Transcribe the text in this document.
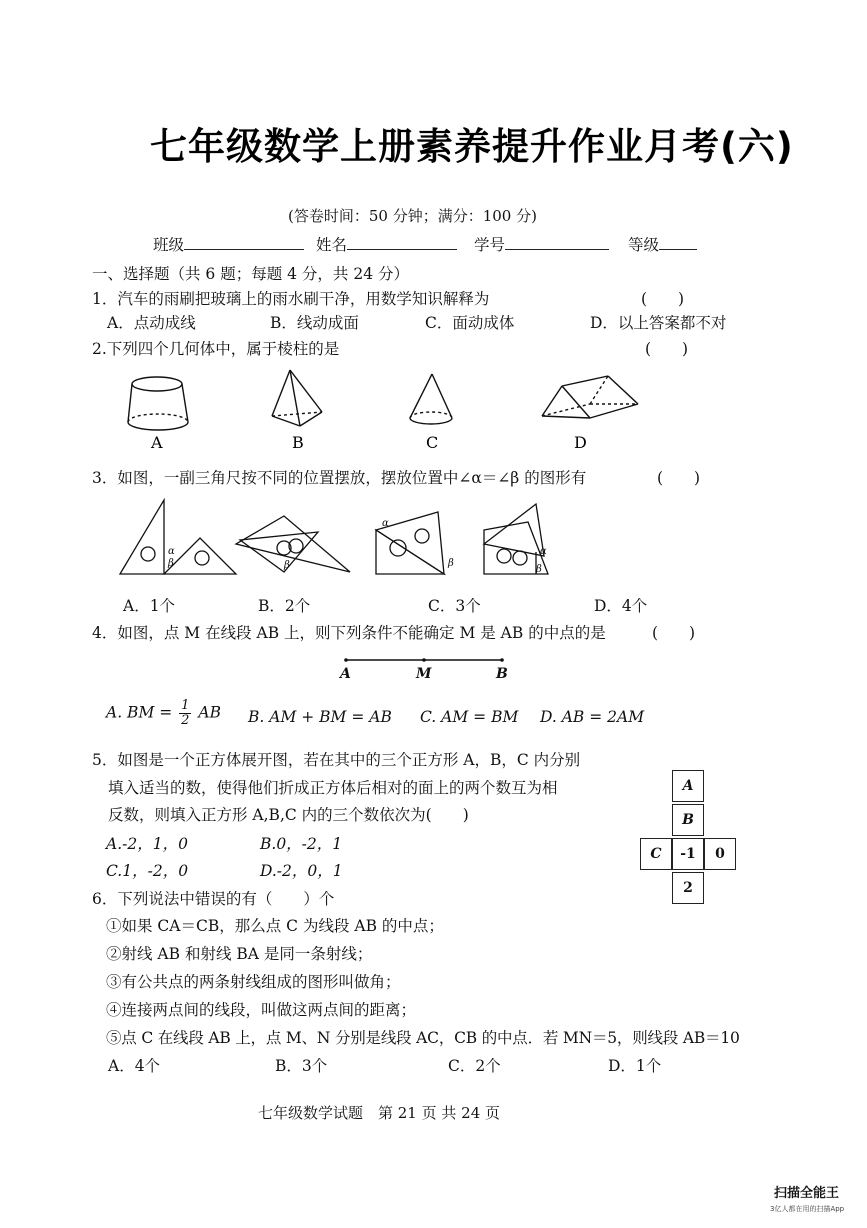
七年级数学上册素养提升作业月考(六)
(答卷时间：50 分钟；满分：100 分)
班级	姓名	学号	等级
一、选择题（共 6 题；每题 4 分，共 24 分）
1．汽车的雨刷把玻璃上的雨水刷干净，用数学知识解释为	(　　)
A．点动成线	B．线动成面	C．面动成体	D．以上答案都不对
2.下列四个几何体中，属于棱柱的是	(　　)
A	B	C	D
3．如图，一副三角尺按不同的位置摆放，摆放位置中∠α＝∠β 的图形有	(　　)
α
β	β
α
β
α
β
A．1个	B．2个	C．3个	D．4个
4．如图，点 M 在线段 AB 上，则下列条件不能确定 M 是 AB 的中点的是	(　　)
A	M	B
A. BM = $\frac{1}{2}$ AB B. AM + BM = AB C. AM = BM D. AB = 2AM
5．如图是一个正方体展开图，若在其中的三个正方形 A，B，C 内分别
填入适当的数，使得他们折成正方体后相对的面上的两个数互为相
反数，则填入正方形 A,B,C 内的三个数依次为(　　)
A.-2，1，0	B.0，-2，1
C.1，-2，0	D.-2，0，1
A
B
C	-1	0
2
6．下列说法中错误的有（　　）个
①如果 CA＝CB，那么点 C 为线段 AB 的中点；
②射线 AB 和射线 BA 是同一条射线；
③有公共点的两条射线组成的图形叫做角；
④连接两点间的线段，叫做这两点间的距离；
⑤点 C 在线段 AB 上，点 M、N 分别是线段 AC，CB 的中点．若 MN＝5，则线段 AB＝10
A．4个	B．3个	C．2个	D．1个
七年级数学试题　第 21 页 共 24 页
扫描全能王
3亿人都在用的扫描App
